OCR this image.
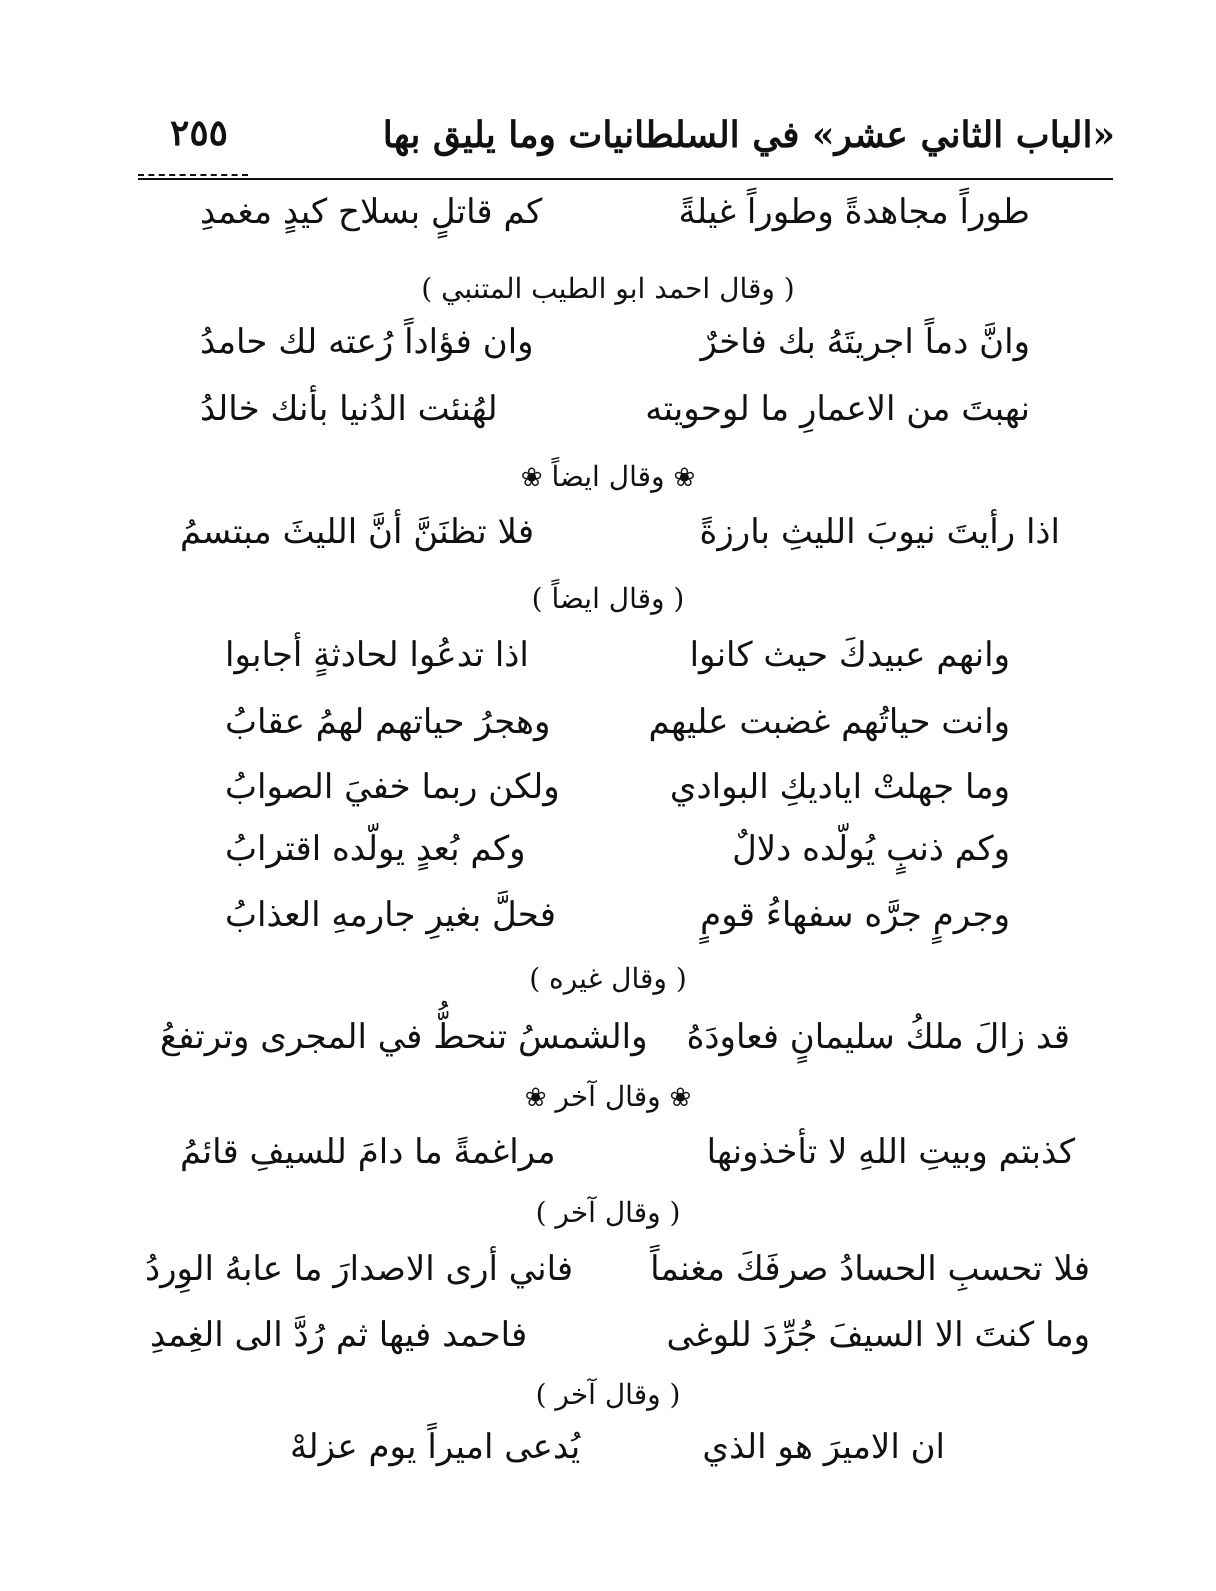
«الباب الثاني عشر» في السلطانيات وما يليق بها
٢٥٥
طوراً مجاهدةً وطوراً غيلةً
كم قاتلٍ بسلاح كيدٍ مغمدِ
( وقال احمد ابو الطيب المتنبي )
وانَّ دماً اجريتَهُ بك فاخرٌ
وان فؤاداً رُعته لك حامدُ
نهبتَ من الاعمارِ ما لوحويته
لهُنئت الدُنيا بأنك خالدُ
❀ وقال ايضاً ❀
اذا رأيتَ نيوبَ الليثِ بارزةً
فلا تظنَنَّ أنَّ الليثَ مبتسمُ
( وقال ايضاً )
وانهم عبيدكَ حيث كانوا
اذا تدعُوا لحادثةٍ أجابوا
وانت حياتُهم غضبت عليهم
وهجرُ حياتهم لهمُ عقابُ
وما جهلتْ اياديكِ البوادي
ولكن ربما خفيَ الصوابُ
وكم ذنبٍ يُولّده دلالٌ
وكم بُعدٍ يولّده اقترابُ
وجرمٍ جرَّه سفهاءُ قومٍ
فحلَّ بغيرِ جارمهِ العذابُ
( وقال غيره )
قد زالَ ملكُ سليمانٍ فعاودَهُ
والشمسُ تنحطُّ في المجرى وترتفعُ
❀ وقال آخر ❀
كذبتم وبيتِ اللهِ لا تأخذونها
مراغمةً ما دامَ للسيفِ قائمُ
( وقال آخر )
فلا تحسبِ الحسادُ صرفَكَ مغنماً
فاني أرى الاصدارَ ما عابهُ الوِردُ
وما كنتَ الا السيفَ جُرِّدَ للوغى
فاحمد فيها ثم رُدَّ الى الغِمدِ
( وقال آخر )
ان الاميرَ هو الذي
يُدعى اميراً يوم عزلهْ
